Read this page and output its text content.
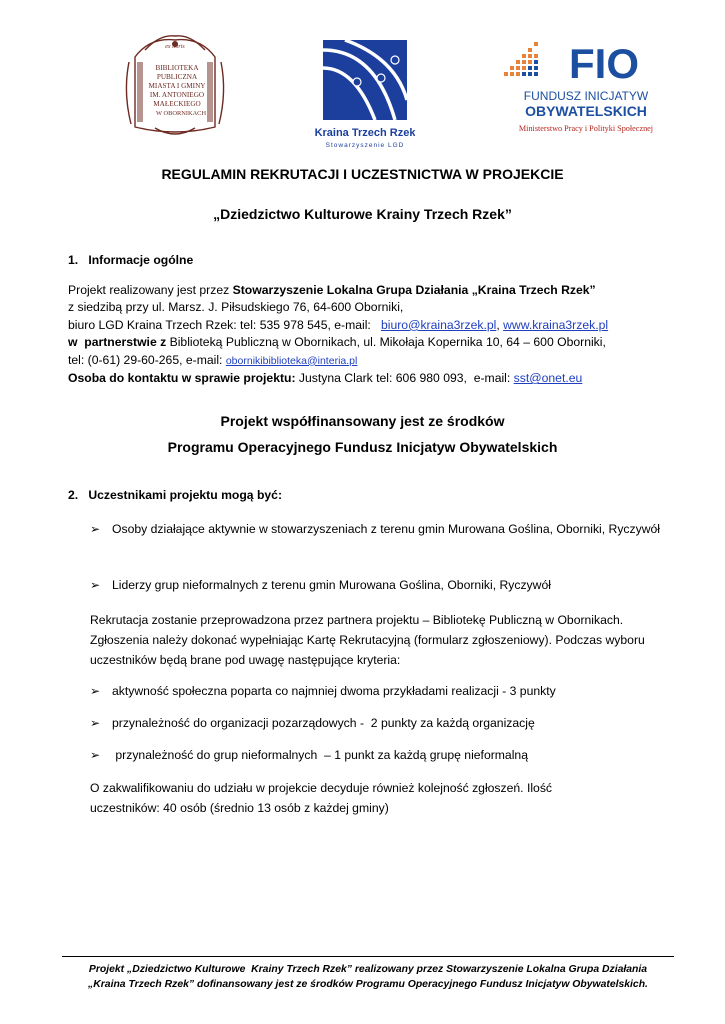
ex libris
BIBLIOTEKA
PUBLICZNA
MIASTA I GMINY
IM. ANTONIEGO
MAŁECKIEGO
W OBORNIKACH
Kraina Trzech Rzek
Stowarzyszenie LGD
FIO
FUNDUSZ INICJATYW
OBYWATELSKICH
Ministerstwo Pracy i Polityki Społecznej
REGULAMIN REKRUTACJI I UCZESTNICTWA W PROJEKCIE
„Dziedzictwo Kulturowe Krainy Trzech Rzek”
1.   Informacje ogólne
Projekt realizowany jest przez Stowarzyszenie Lokalna Grupa Działania „Kraina Trzech Rzek”
z siedzibą przy ul. Marsz. J. Piłsudskiego 76, 64-600 Oborniki,
biuro LGD Kraina Trzech Rzek: tel: 535 978 545, e-mail:   biuro@kraina3rzek.pl, www.kraina3rzek.pl
w  partnerstwie z Biblioteką Publiczną w Obornikach, ul. Mikołaja Kopernika 10, 64 – 600 Oborniki,
tel: (0-61) 29-60-265, e-mail: obornikibiblioteka@interia.pl
Osoba do kontaktu w sprawie projektu: Justyna Clark tel: 606 980 093,  e-mail: sst@onet.eu
Projekt współfinansowany jest ze środków
Programu Operacyjnego Fundusz Inicjatyw Obywatelskich
2.   Uczestnikami projektu mogą być:
➢ Osoby działające aktywnie w stowarzyszeniach z terenu gmin Murowana Goślina, Oborniki, Ryczywół
➢ Liderzy grup nieformalnych z terenu gmin Murowana Goślina, Oborniki, Ryczywół
Rekrutacja zostanie przeprowadzona przez partnera projektu – Bibliotekę Publiczną w Obornikach. Zgłoszenia należy dokonać wypełniając Kartę Rekrutacyjną (formularz zgłoszeniowy). Podczas wyboru uczestników będą brane pod uwagę następujące kryteria:
➢ aktywność społeczna poparta co najmniej dwoma przykładami realizacji - 3 punkty
➢ przynależność do organizacji pozarządowych -  2 punkty za każdą organizację
➢ przynależność do grup nieformalnych  – 1 punkt za każdą grupę nieformalną
O zakwalifikowaniu do udziału w projekcie decyduje również kolejność zgłoszeń. Ilość uczestników: 40 osób (średnio 13 osób z każdej gminy)
Projekt „Dziedzictwo Kulturowe  Krainy Trzech Rzek” realizowany przez Stowarzyszenie Lokalna Grupa Działania
„Kraina Trzech Rzek” dofinansowany jest ze środków Programu Operacyjnego Fundusz Inicjatyw Obywatelskich.
